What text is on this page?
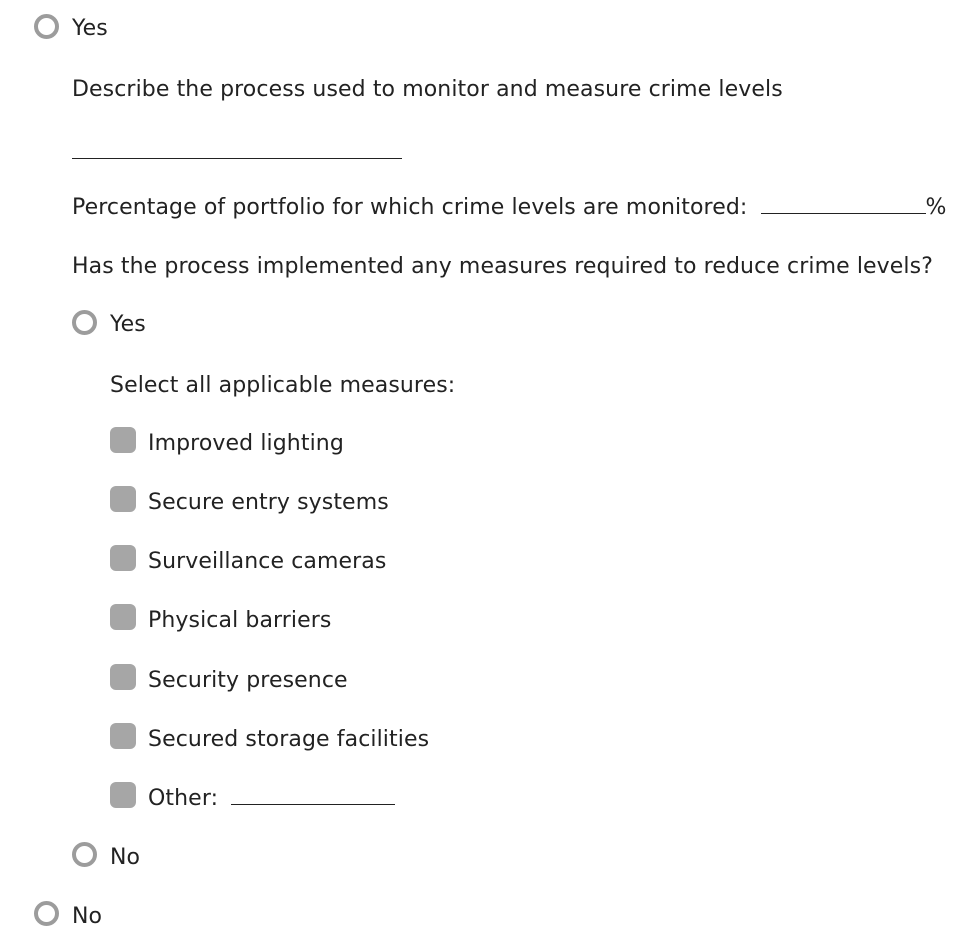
Yes
Describe the process used to monitor and measure crime levels
Percentage of portfolio for which crime levels are monitored:	%
Has the process implemented any measures required to reduce crime levels?
Yes
Select all applicable measures:
Improved lighting
Secure entry systems
Surveillance cameras
Physical barriers
Security presence
Secured storage facilities
Other:
No
No
